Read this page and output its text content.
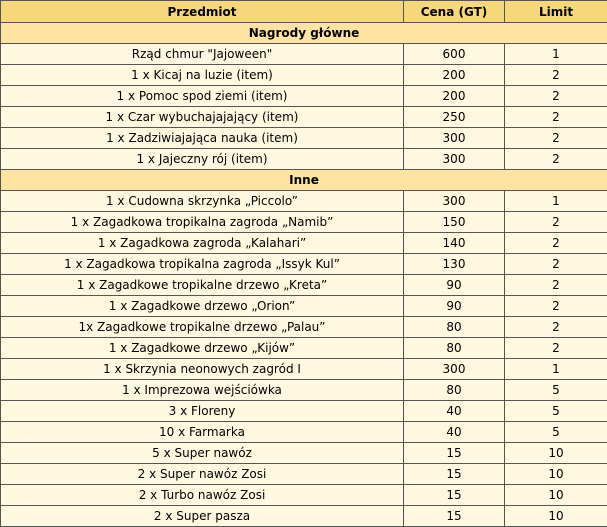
Przedmiot	Cena (GT)	Limit
Nagrody główne		
Rząd chmur "Jajoween"	600	1
1 x Kicaj na luzie (item)	200	2
1 x Pomoc spod ziemi (item)	200	2
1 x Czar wybuchajajający (item)	250	2
1 x Zadziwiajająca nauka (item)	300	2
1 x Jajeczny rój (item)	300	2
Inne		
1 x Cudowna skrzynka „Piccolo”	300	1
1 x Zagadkowa tropikalna zagroda „Namib”	150	2
1 x Zagadkowa zagroda „Kalahari”	140	2
1 x Zagadkowa tropikalna zagroda „Issyk Kul”	130	2
1 x Zagadkowe tropikalne drzewo „Kreta”	90	2
1 x Zagadkowe drzewo „Orion”	90	2
1x Zagadkowe tropikalne drzewo „Palau”	80	2
1 x Zagadkowe drzewo „Kijów”	80	2
1 x Skrzynia neonowych zagród I	300	1
1 x Imprezowa wejściówka	80	5
3 x Floreny	40	5
10 x Farmarka	40	5
5 x Super nawóz	15	10
2 x Super nawóz Zosi	15	10
2 x Turbo nawóz Zosi	15	10
2 x Super pasza	15	10
